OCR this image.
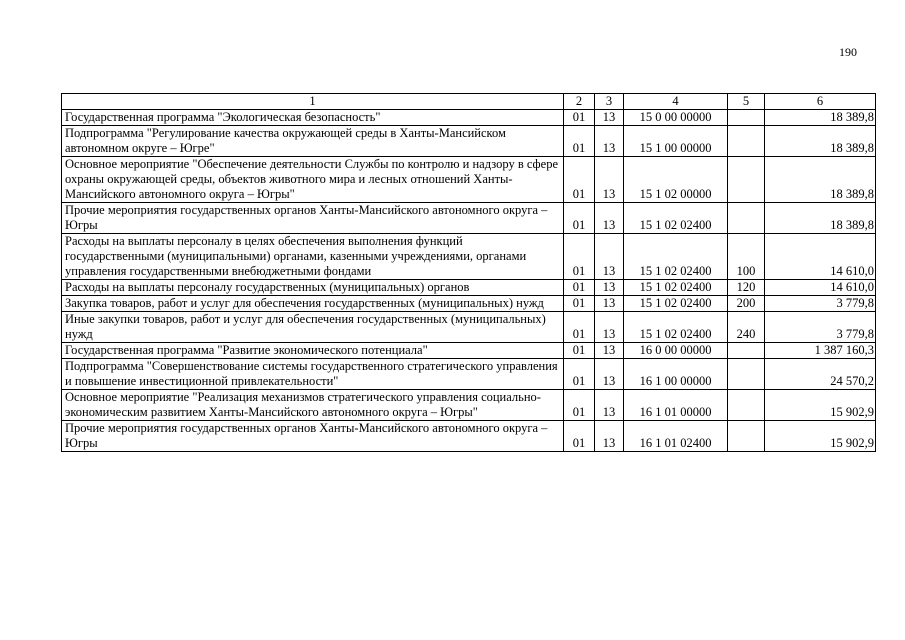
190
1	2	3	4	5	6
Государственная программа "Экологическая безопасность"	01	13	15 0 00 00000		18 389,8
Подпрограмма "Регулирование качества окружающей среды в Ханты-Мансийском автономном округе – Югре"	01	13	15 1 00 00000		18 389,8
Основное мероприятие "Обеспечение деятельности Службы по контролю и надзору в сфере охраны окружающей среды, объектов животного мира и лесных отношений Ханты-Мансийского автономного округа – Югры"	01	13	15 1 02 00000		18 389,8
Прочие мероприятия государственных органов Ханты-Мансийского автономного округа – Югры	01	13	15 1 02 02400		18 389,8
Расходы на выплаты персоналу в целях обеспечения выполнения функций государственными (муниципальными) органами, казенными учреждениями, органами управления государственными внебюджетными фондами	01	13	15 1 02 02400	100	14 610,0
Расходы на выплаты персоналу государственных (муниципальных) органов	01	13	15 1 02 02400	120	14 610,0
Закупка товаров, работ и услуг для обеспечения государственных (муниципальных) нужд	01	13	15 1 02 02400	200	3 779,8
Иные закупки товаров, работ и услуг для обеспечения государственных (муниципальных) нужд	01	13	15 1 02 02400	240	3 779,8
Государственная программа "Развитие экономического потенциала"	01	13	16 0 00 00000		1 387 160,3
Подпрограмма "Совершенствование системы государственного стратегического управления и повышение инвестиционной привлекательности"	01	13	16 1 00 00000		24 570,2
Основное мероприятие "Реализация механизмов стратегического управления социально-экономическим развитием Ханты-Мансийского автономного округа – Югры"	01	13	16 1 01 00000		15 902,9
Прочие мероприятия государственных органов Ханты-Мансийского автономного округа – Югры	01	13	16 1 01 02400		15 902,9
